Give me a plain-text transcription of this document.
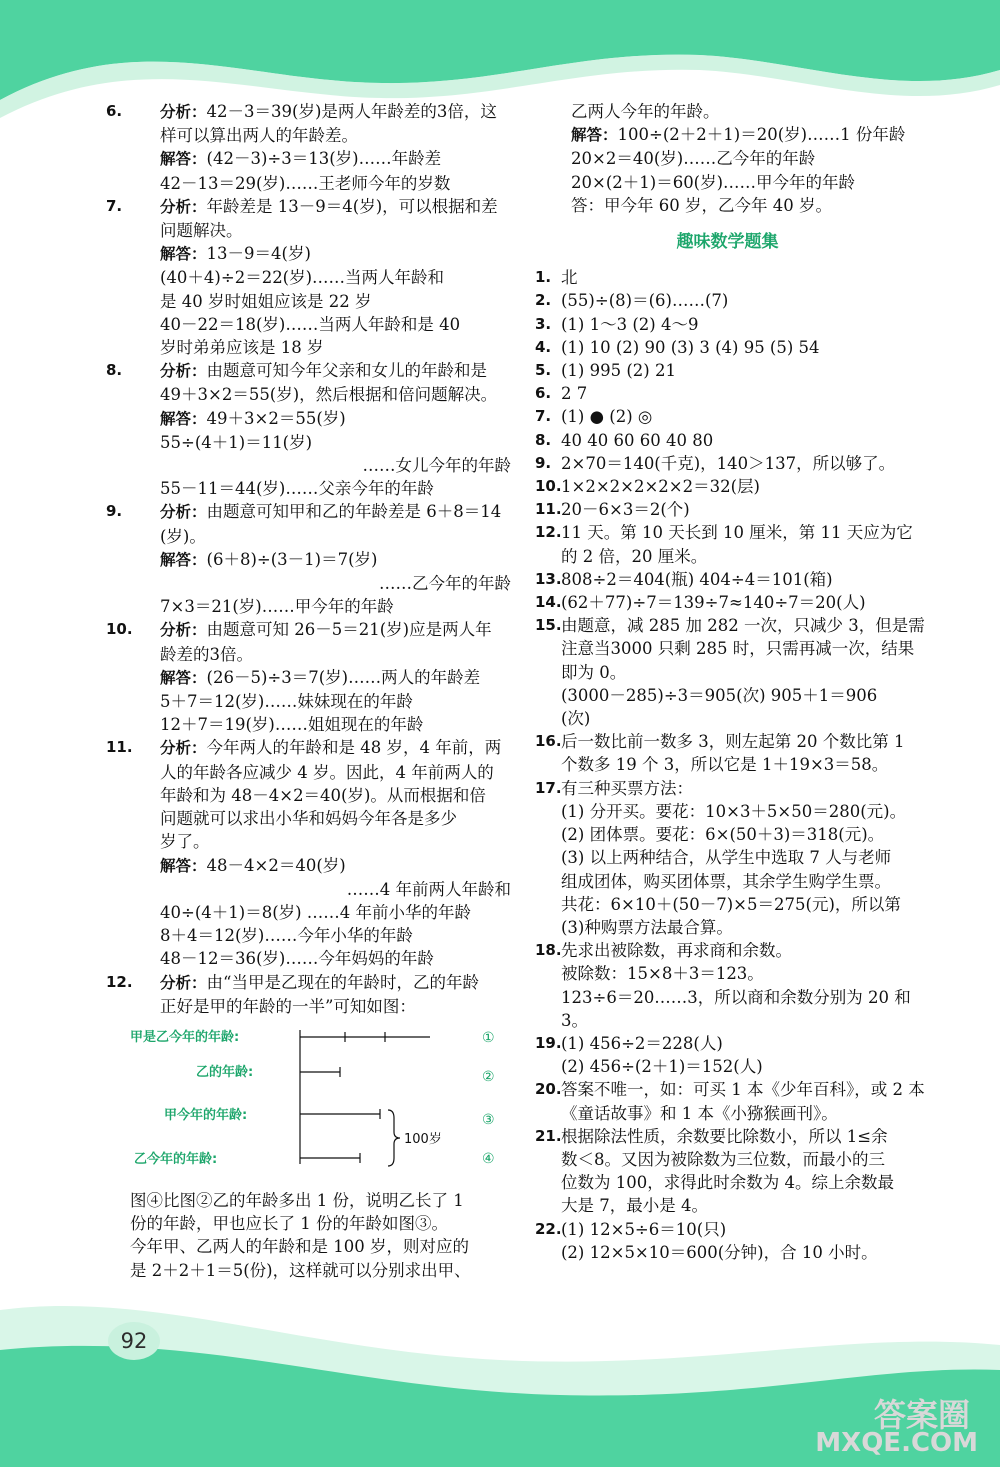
92
6. 分析：42－3＝39(岁)是两人年龄差的3倍，这
样可以算出两人的年龄差。
解答：(42－3)÷3＝13(岁)……年龄差
42－13＝29(岁)……王老师今年的岁数
7. 分析：年龄差是 13－9＝4(岁)，可以根据和差
问题解决。
解答：13－9＝4(岁)
(40＋4)÷2＝22(岁)……当两人年龄和
是 40 岁时姐姐应该是 22 岁
40－22＝18(岁)……当两人年龄和是 40
岁时弟弟应该是 18 岁
8. 分析：由题意可知今年父亲和女儿的年龄和是
49＋3×2＝55(岁)，然后根据和倍问题解决。
解答：49＋3×2＝55(岁)
55÷(4＋1)＝11(岁)
……女儿今年的年龄
55－11＝44(岁)……父亲今年的年龄
9. 分析：由题意可知甲和乙的年龄差是 6＋8＝14
(岁)。
解答：(6＋8)÷(3－1)＝7(岁)
……乙今年的年龄
7×3＝21(岁)……甲今年的年龄
10. 分析：由题意可知 26－5＝21(岁)应是两人年
龄差的3倍。
解答：(26－5)÷3＝7(岁)……两人的年龄差
5＋7＝12(岁)……妹妹现在的年龄
12＋7＝19(岁)……姐姐现在的年龄
11. 分析：今年两人的年龄和是 48 岁，4 年前，两
人的年龄各应减少 4 岁。因此，4 年前两人的
年龄和为 48－4×2＝40(岁)。从而根据和倍
问题就可以求出小华和妈妈今年各是多少
岁了。
解答：48－4×2＝40(岁)
……4 年前两人年龄和
40÷(4＋1)＝8(岁) ……4 年前小华的年龄
8＋4＝12(岁)……今年小华的年龄
48－12＝36(岁)……今年妈妈的年龄
12. 分析：由“当甲是乙现在的年龄时，乙的年龄
正好是甲的年龄的一半”可知如图：
甲是乙今年的年龄:
乙的年龄:
甲今年的年龄:
乙今年的年龄:
100岁
①
②
③
④
图④比图②乙的年龄多出 1 份，说明乙长了 1
份的年龄，甲也应长了 1 份的年龄如图③。
今年甲、乙两人的年龄和是 100 岁，则对应的
是 2＋2＋1＝5(份)，这样就可以分别求出甲、
乙两人今年的年龄。
解答：100÷(2＋2＋1)＝20(岁)……1 份年龄
20×2＝40(岁)……乙今年的年龄
20×(2＋1)＝60(岁)……甲今年的年龄
答：甲今年 60 岁，乙今年 40 岁。
趣味数学题集
1. 北
2. (55)÷(8)＝(6)……(7)
3. (1) 1～3 (2) 4～9
4. (1) 10 (2) 90 (3) 3 (4) 95 (5) 54
5. (1) 995 (2) 21
6. 2 7
7. (1) ● (2) ◎
8. 40 40 60 60 40 80
9. 2×70＝140(千克)，140＞137，所以够了。
10. 1×2×2×2×2×2＝32(层)
11. 20－6×3＝2(个)
12. 11 天。第 10 天长到 10 厘米，第 11 天应为它
的 2 倍，20 厘米。
13. 808÷2＝404(瓶) 404÷4＝101(箱)
14. (62＋77)÷7＝139÷7≈140÷7＝20(人)
15. 由题意，减 285 加 282 一次，只减少 3，但是需
注意当3000 只剩 285 时，只需再减一次，结果
即为 0。
(3000－285)÷3＝905(次) 905＋1＝906
(次)
16. 后一数比前一数多 3，则左起第 20 个数比第 1
个数多 19 个 3，所以它是 1＋19×3＝58。
17. 有三种买票方法：
(1) 分开买。要花：10×3＋5×50＝280(元)。
(2) 团体票。要花：6×(50＋3)＝318(元)。
(3) 以上两种结合，从学生中选取 7 人与老师
组成团体，购买团体票，其余学生购学生票。
共花：6×10＋(50－7)×5＝275(元)，所以第
(3)种购票方法最合算。
18. 先求出被除数，再求商和余数。
被除数：15×8＋3＝123。
123÷6＝20……3，所以商和余数分别为 20 和
3。
19. (1) 456÷2＝228(人)
(2) 456÷(2＋1)＝152(人)
20. 答案不唯一，如：可买 1 本《少年百科》，或 2 本
《童话故事》和 1 本《小猕猴画刊》。
21. 根据除法性质，余数要比除数小，所以 1≤余
数＜8。又因为被除数为三位数，而最小的三
位数为 100，求得此时余数为 4。综上余数最
大是 7，最小是 4。
22. (1) 12×5÷6＝10(只)
(2) 12×5×10＝600(分钟)，合 10 小时。
答案圈
MXQE.COM
